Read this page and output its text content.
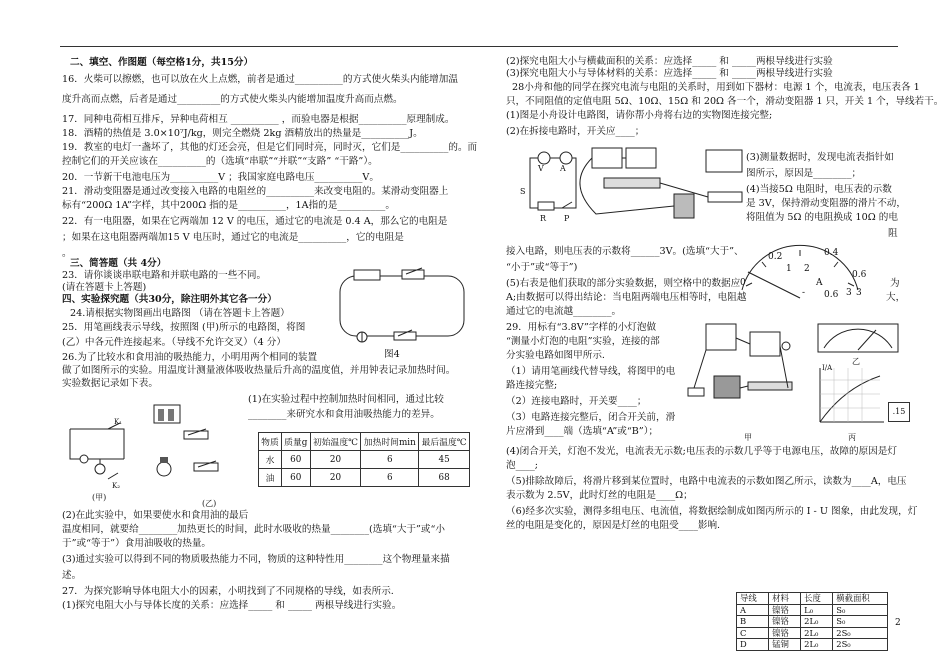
二、填空、作图题（每空格1分，共15分）
16．火柴可以擦燃，也可以放在火上点燃，前者是通过__________的方式使火柴头内能增加温
度升高而点燃，后者是通过_________的方式使火柴头内能增加温度升高而点燃。
17．同种电荷相互排斥，异种电荷相互 __________ ，而验电器是根据__________原理制成。
18．酒精的热值是 3.0×10⁷J/kg，则完全燃烧 2kg 酒精放出的热量是__________J。
19．教室的电灯一盏坏了，其他的灯还会亮，但是它们同时亮，同时灭，它们是__________的。而
控制它们的开关应该在__________的（选填“串联”“并联”“支路” “干路”）。
20．一节新干电池电压为__________V ；我国家庭电路电压__________V。
21．滑动变阻器是通过改变接入电路的电阻丝的__________来改变电阻的。某滑动变阻器上
标有“200Ω 1A”字样，其中200Ω 指的是__________，1A指的是__________。
22．有一电阻器，如果在它两端加 12 V 的电压，通过它的电流是 0.4 A，那么它的电阻是
；如果在这电阻器两端加15 V 电压时，通过它的电流是__________，它的电阻是
。
三、简答题（共 4分）
23．请你谈谈串联电路和并联电路的一些不同。
(请在答题卡上答题)
四、实验探究题（共30分，除注明外其它各一分）
24.请根据实物图画出电路图 （请在答题卡上答题）
图4
25．用笔画线表示导线，按照图 (甲)所示的电路图，将图
(乙）中各元件连接起来。（导线不允许交叉）（4 分）
26.为了比较水和食用油的吸热能力，小明用两个相同的装置
做了如图所示的实验。用温度计测量液体吸收热量后升高的温度值，并用钟表记录加热时间。
实验数据记录如下表。
K₁
K₂
(甲)
(乙)
(1)在实验过程中控制加热时间相同，通过比较
________来研究水和食用油吸热能力的差异。
物质	质量g	初始温度℃	加热时间min	最后温度℃
水	60	20	6	45
油	60	20	6	68
(2)在此实验中，如果要使水和食用油的最后
温度相同，就要给________加热更长的时间，此时水吸收的热量________(选填“大于”或“小
于”或“等于”）食用油吸收的热量。
(3)通过实验可以得到不同的物质吸热能力不同，物质的这种特性用________这个物理量来描
述。
27．为探究影响导体电阻大小的因素，小明找到了不同规格的导线，如表所示.
(1)探究电阻大小与导体长度的关系：应选择_____ 和 _____ 两根导线进行实验。
(2)探究电阻大小与横截面积的关系：应选择_____ 和 _____两根导线进行实验
(3)探究电阻大小与导体材料的关系：应选择_____ 和 _____两根导线进行实验
28小舟和他的同学在探究电流与电阻的关系时，用到如下器材：电源 1 个，电流表，电压表各 1
只，不同阻值的定值电阻 5Ω、10Ω、15Ω 和 20Ω 各一个，滑动变阻器 1 只，开关 1 个，导线若干。
(1)图是小舟设计电路图，请你帮小舟将右边的实物图连接完整;
(2)在拆接电路时，开关应____；
V A
S
R P
(3)测量数据时，发现电流表指针如
图所示，原因是________；
(4)当接5Ω 电阻时，电压表的示数
是 3V，保持滑动变阻器的滑片不动，
将阻值为 5Ω 的电阻换成 10Ω 的电
阻
接入电路，则电压表的示数将______3V。(选填“大于”、
“小于”或“等于”)
0.2	0.4
1 2
0.6
A
0
3
0.6 3
-
(5)右表是他们获取的部分实验数据，则空格中的数据应	为
A;由数据可以得出结论：当电阻两端电压相等时，电阻越	大，
通过它的电流越________。
29．用标有“3.8V”字样的小灯泡做
“测量小灯泡的电阻”实验，连接的部
分实验电路如图甲所示.
（1）请用笔画线代替导线，将图甲的电
路连接完整;
（2）连接电路时，开关要____；
（3）电路连接完整后，闭合开关前，滑
片应滑到____端（选填“A”或“B”）；
甲
乙
丙
I/A
.15
(4)闭合开关，灯泡不发光，电流表无示数;电压表的示数几乎等于电源电压，故障的原因是灯
泡____;
（5)排除故障后，将滑片移到某位置时，电路中电流表的示数如图乙所示，读数为____A，电压
表示数为 2.5V，此时灯丝的电阻是____Ω；
（6)经多次实验，测得多组电压、电流值，将数据绘制成如图丙所示的 I - U 图象，由此发现，灯
丝的电阻是变化的，原因是灯丝的电阻受____影响.
导线	材料	长度	横截面积
A	镍铬	L₀	S₀
B	镍铬	2L₀	S₀
C	镍铬	2L₀	2S₀
D	锰铜	2L₀	2S₀
2
